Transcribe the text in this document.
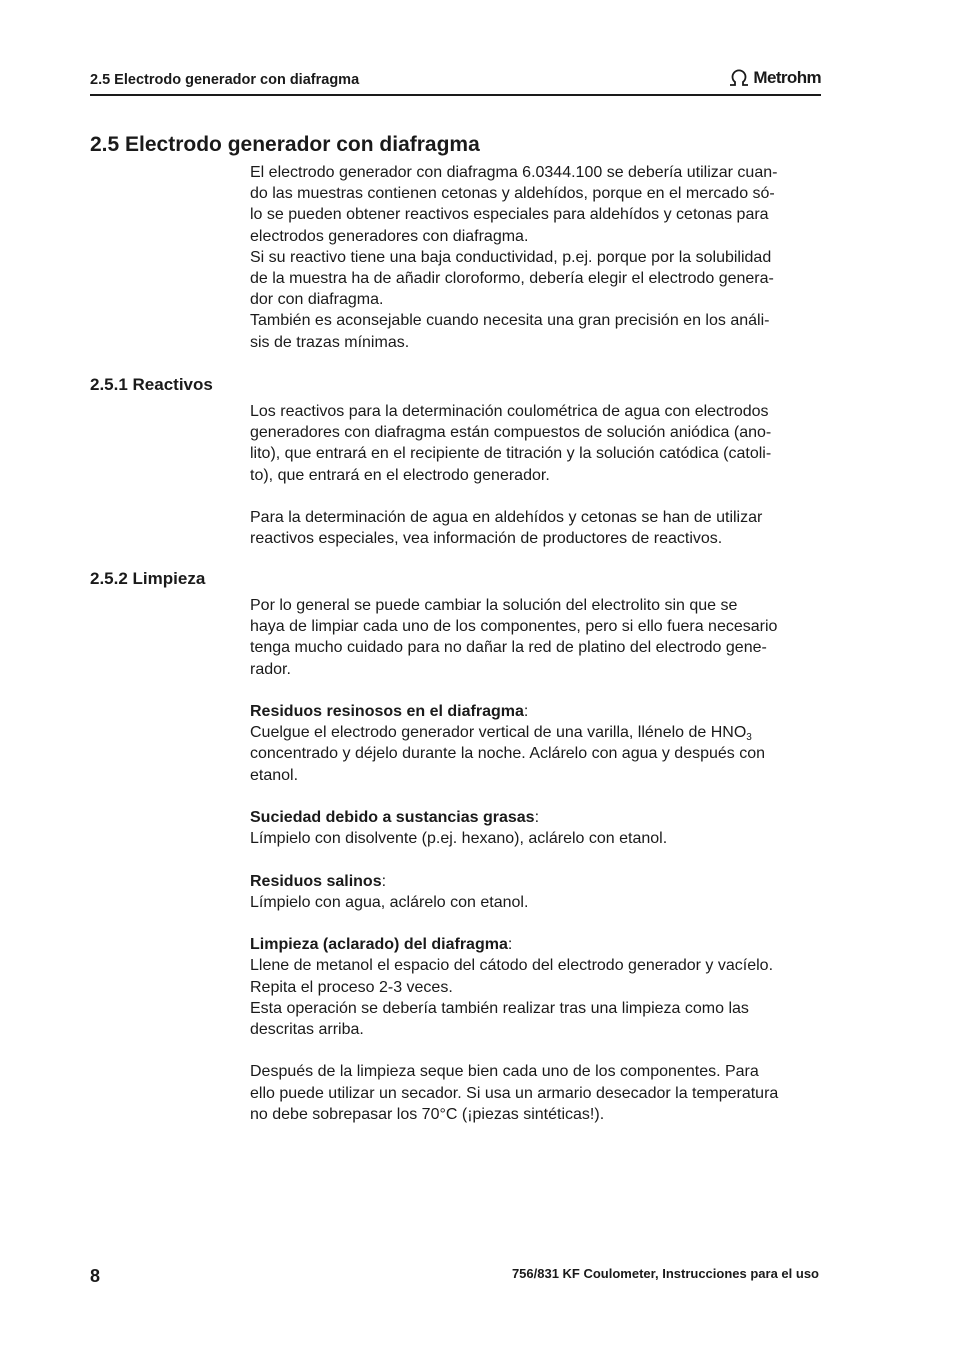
2.5 Electrodo generador con diafragma	Metrohm
2.5 Electrodo generador con diafragma

El electrodo generador con diafragma 6.0344.100 se debería utilizar cuan-

do las muestras contienen cetonas y aldehídos, porque en el mercado só-

lo se pueden obtener reactivos especiales para aldehídos y cetonas para

electrodos generadores con diafragma.

Si su reactivo tiene una baja conductividad, p.ej. porque por la solubilidad

de la muestra ha de añadir cloroformo, debería elegir el electrodo genera-

dor con diafragma.

También es aconsejable cuando necesita una gran precisión en los análi-

sis de trazas mínimas.

2.5.1 Reactivos

Los reactivos para la determinación coulométrica de agua con electrodos

generadores con diafragma están compuestos de solución aniódica (ano-

lito), que entrará en el recipiente de titración y la solución catódica (catoli-

to), que entrará en el electrodo generador.

Para la determinación de agua en aldehídos y cetonas se han de utilizar

reactivos especiales, vea información de productores de reactivos.

2.5.2 Limpieza

Por lo general se puede cambiar la solución del electrolito sin que se

haya de limpiar cada uno de los componentes, pero si ello fuera necesario

tenga mucho cuidado para no dañar la red de platino del electrodo gene-

rador.

Residuos resinosos en el diafragma:

Cuelgue el electrodo generador vertical de una varilla, llénelo de $HNO_3$

concentrado y déjelo durante la noche. Aclárelo con agua y después con

etanol.

Suciedad debido a sustancias grasas:

Límpielo con disolvente (p.ej. hexano), aclárelo con etanol.

Residuos salinos:

Límpielo con agua, aclárelo con etanol.

Limpieza (aclarado) del diafragma:

Llene de metanol el espacio del cátodo del electrodo generador y vacíelo.

Repita el proceso 2-3 veces.

Esta operación se debería también realizar tras una limpieza como las

descritas arriba.

Después de la limpieza seque bien cada uno de los componentes. Para

ello puede utilizar un secador. Si usa un armario desecador la temperatura

no debe sobrepasar los 70°C (¡piezas sintéticas!).

8	756/831 KF Coulometer, Instrucciones para el uso
